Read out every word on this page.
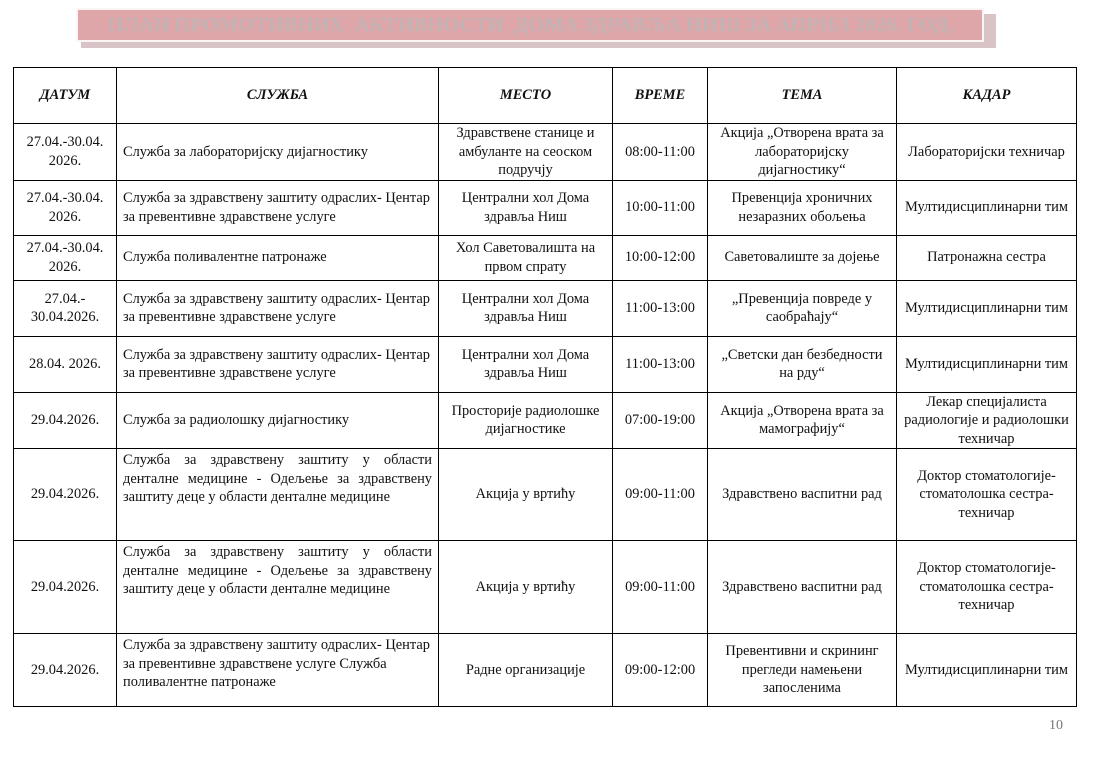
ПЛАН ПРОМОТИВНИХ  АКТИВНОСТИ  ДОМА ЗДРАВЉА НИШ ЗА АПРИЛ 2026. ГОД.
ДАТУМ	СЛУЖБА	МЕСТО	ВРЕМЕ	ТЕМА	КАДАР
27.04.-30.04. 2026.	Служба за лабораторијску дијагностику	Здравствене станице и амбуланте на сеоском подручју	08:00-11:00	Акција „Отворена врата за лабораторијску дијагностику“	Лабораторијски техничар
27.04.-30.04. 2026.	Служба за здравствену заштиту одраслих- Центар за превентивне здравствене услуге	Централни хол Дома здравља Ниш	10:00-11:00	Превенција хроничних незаразних обољења	Мултидисциплинарни тим
27.04.-30.04. 2026.	Служба поливалентне патронаже	Хол Саветовалишта на првом спрату	10:00-12:00	Саветовалиште за дојење	Патронажна сестра
27.04.- 30.04.2026.	Служба за здравствену заштиту одраслих- Центар за превентивне здравствене услуге	Централни хол Дома здравља Ниш	11:00-13:00	„Превенција повреде у саобраћају“	Мултидисциплинарни тим
28.04. 2026.	Служба за здравствену заштиту одраслих- Центар за превентивне здравствене услуге	Централни хол Дома здравља Ниш	11:00-13:00	„Светски дан безбедности на рду“	Мултидисциплинарни тим
29.04.2026.	Служба за радиолошку дијагностику	Просторије радиолошке дијагностике	07:00-19:00	Акција „Отворена врата за мамографију“	Лекар специјалиста радиологије и радиолошки техничар
29.04.2026.	Служба за здравствену заштиту у области денталне медицине - Одељење за здравствену заштиту деце у области денталне медицине	Акција у вртићу	09:00-11:00	Здравствено васпитни рад	Доктор стоматологије- стоматолошка сестра- техничар
29.04.2026.	Служба за здравствену заштиту у области денталне медицине - Одељење за здравствену заштиту деце у области денталне медицине	Акција у вртићу	09:00-11:00	Здравствено васпитни рад	Доктор стоматологије- стоматолошка сестра- техничар
29.04.2026.	Служба за здравствену заштиту одраслих- Центар за превентивне здравствене услуге Служба поливалентне патронаже	Радне организације	09:00-12:00	Превентивни и скрининг прегледи намењени запосленима	Мултидисциплинарни тим
10
